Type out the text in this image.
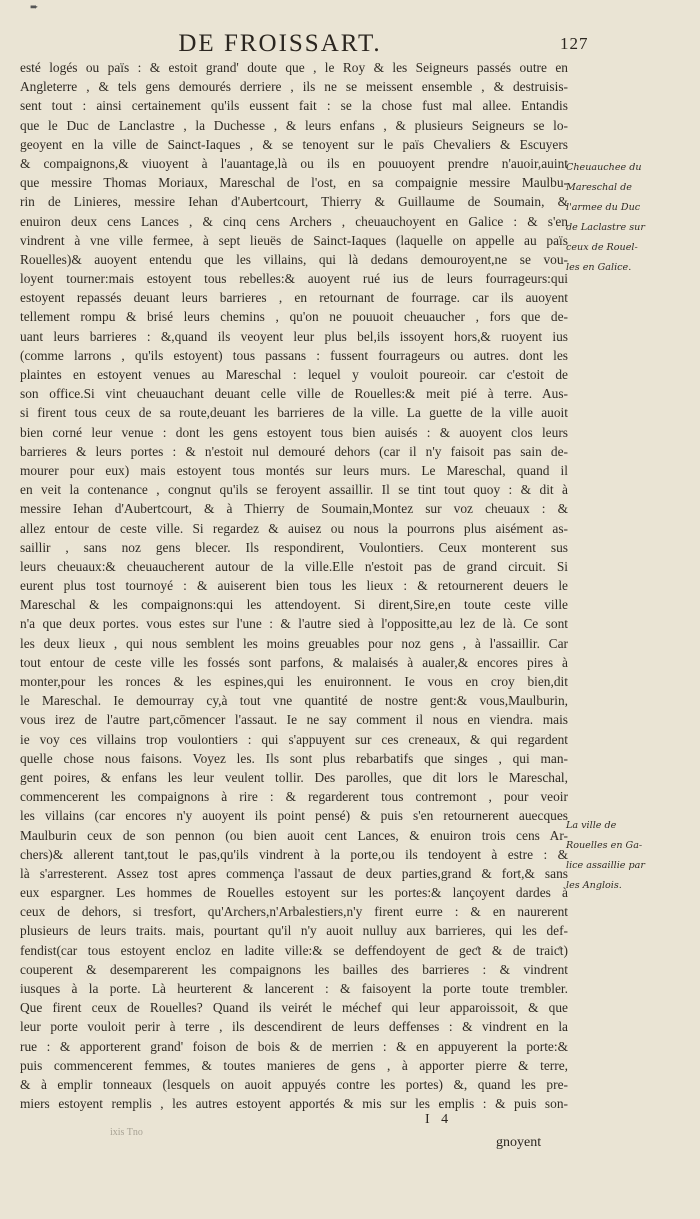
➨
DE FROISSART.	127
esté logés ou païs : & estoit grand' doute que , le Roy & les Seigneurs passés outre en
Angleterre , & tels gens demourés derriere , ils ne se meissent ensemble , & destruisis-
sent tout : ainsi certainement qu'ils eussent fait : se la chose fust mal allee. Entandis
que le Duc de Lanclastre , la Duchesse , & leurs enfans , & plusieurs Seigneurs se lo-
geoyent en la ville de Sainct-Iaques , & se tenoyent sur le païs Chevaliers & Escuyers
& compaignons,& viuoyent à l'auantage,là ou ils en pouuoyent prendre n'auoir,auint
que messire Thomas Moriaux, Mareschal de l'ost, en sa compaignie messire Maulbu-
rin de Linieres, messire Iehan d'Aubertcourt, Thierry & Guillaume de Soumain, &
enuiron deux cens Lances , & cinq cens Archers , cheuauchoyent en Galice : & s'en
vindrent à vne ville fermee, à sept lieuës de Sainct-Iaques (laquelle on appelle au païs
Rouelles)& auoyent entendu que les villains, qui là dedans demouroyent,ne se vou-
loyent tourner:mais estoyent tous rebelles:& auoyent rué ius de leurs fourrageurs:qui
estoyent repassés deuant leurs barrieres , en retournant de fourrage. car ils auoyent
tellement rompu & brisé leurs chemins , qu'on ne pouuoit cheuaucher , fors que de-
uant leurs barrieres : &,quand ils veoyent leur plus bel,ils issoyent hors,& ruoyent ius
(comme larrons , qu'ils estoyent) tous passans : fussent fourrageurs ou autres. dont les
plaintes en estoyent venues au Mareschal : lequel y vouloit poureoir. car c'estoit de
son office.Si vint cheuauchant deuant celle ville de Rouelles:& meit pié à terre. Aus-
si firent tous ceux de sa route,deuant les barrieres de la ville. La guette de la ville auoit
bien corné leur venue : dont les gens estoyent tous bien auisés : & auoyent clos leurs
barrieres & leurs portes : & n'estoit nul demouré dehors (car il n'y faisoit pas sain de-
mourer pour eux) mais estoyent tous montés sur leurs murs. Le Mareschal, quand il
en veit la contenance , congnut qu'ils se feroyent assaillir. Il se tint tout quoy : & dit à
messire Iehan d'Aubertcourt, & à Thierry de Soumain,Montez sur voz cheuaux : &
allez entour de ceste ville. Si regardez & auisez ou nous la pourrons plus aisément as-
saillir , sans noz gens blecer. Ils respondirent, Voulontiers. Ceux monterent sus
leurs cheuaux:& cheuaucherent autour de la ville.Elle n'estoit pas de grand circuit. Si
eurent plus tost tournoyé : & auiserent bien tous les lieux : & retournerent deuers le
Mareschal & les compaignons:qui les attendoyent. Si dirent,Sire,en toute ceste ville
n'a que deux portes. vous estes sur l'une : & l'autre sied à l'oppositte,au lez de là. Ce sont
les deux lieux , qui nous semblent les moins greuables pour noz gens , à l'assaillir. Car
tout entour de ceste ville les fossés sont parfons, & malaisés à aualer,& encores pires à
monter,pour les ronces & les espines,qui les enuironnent. Ie vous en croy bien,dit
le Mareschal. Ie demourray cy,à tout vne quantité de nostre gent:& vous,Maulburin,
vous irez de l'autre part,cōmencer l'assaut. Ie ne say comment il nous en viendra. mais
ie voy ces villains trop voulontiers : qui s'appuyent sur ces creneaux, & qui regardent
quelle chose nous faisons. Voyez les. Ils sont plus rebarbatifs que singes , qui man-
gent poires, & enfans les leur veulent tollir. Des parolles, que dit lors le Mareschal,
commencerent les compaignons à rire : & regarderent tous contremont , pour veoir
les villains (car encores n'y auoyent ils point pensé) & puis s'en retournerent auecques
Maulburin ceux de son pennon (ou bien auoit cent Lances, & enuiron trois cens Ar-
chers)& allerent tant,tout le pas,qu'ils vindrent à la porte,ou ils tendoyent à estre : &
là s'arresterent. Assez tost apres commença l'assaut de deux parties,grand & fort,& sans
eux espargner. Les hommes de Rouelles estoyent sur les portes:& lançoyent dardes à
ceux de dehors, si tresfort, qu'Archers,n'Arbalestiers,n'y firent eurre : & en naurerent
plusieurs de leurs traits. mais, pourtant qu'il n'y auoit nulluy aux barrieres, qui les def-
fendist(car tous estoyent encloz en ladite ville:& se deffendoyent de geƈt & de traiƈt)
couperent & desemparerent les compaignons les bailles des barrieres : & vindrent
iusques à la porte. Là heurterent & lancerent : & faisoyent la porte toute trembler.
Que firent ceux de Rouelles? Quand ils veirét le méchef qui leur apparoissoit, & que
leur porte vouloit perir à terre , ils descendirent de leurs deffenses : & vindrent en la
rue : & apporterent grand' foison de bois & de merrien : & en appuyerent la porte:&
puis commencerent femmes, & toutes manieres de gens , à apporter pierre & terre,
& à emplir tonneaux (lesquels on auoit appuyés contre les portes) &, quand les pre-
miers estoyent remplis , les autres estoyent apportés & mis sur les emplis : & puis son-
Cheuauchee du
Mareschal de
l'armee du Duc
de Laclastre sur
ceux de Rouel-
les en Galice.
La ville de
Rouelles en Ga-
lice assaillie par
les Anglois.
ixis Tno
I 4
gnoyent
